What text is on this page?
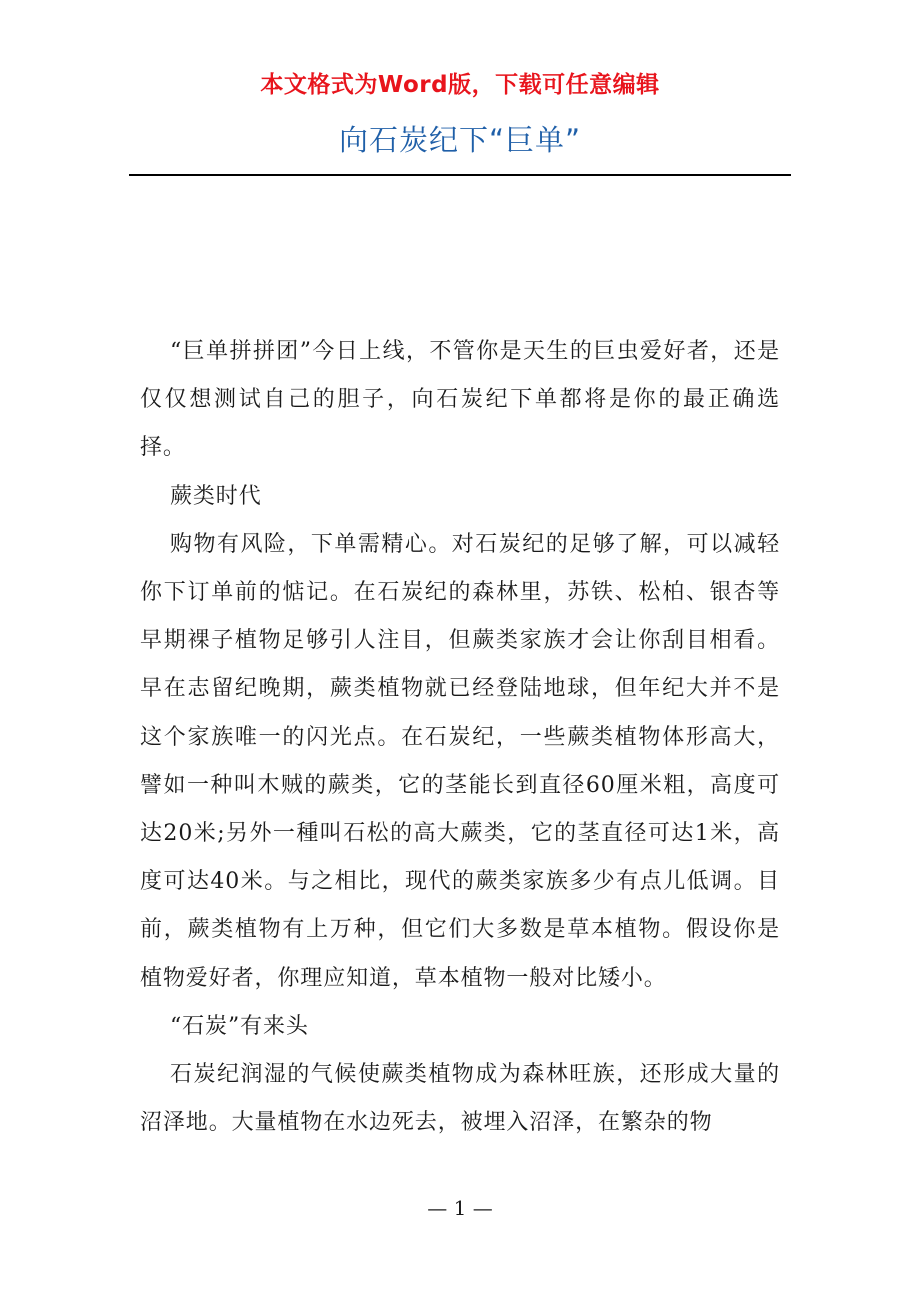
本文格式为Word版，下载可任意编辑
向石炭纪下“巨单”

“巨单拼拼团”今日上线，不管你是天生的巨虫爱好者，还是仅仅想测试自己的胆子，向石炭纪下单都将是你的最正确选择。

蕨类时代

购物有风险，下单需精心。对石炭纪的足够了解，可以减轻你下订单前的惦记。在石炭纪的森林里，苏铁、松柏、银杏等早期裸子植物足够引人注目，但蕨类家族才会让你刮目相看。早在志留纪晚期，蕨类植物就已经登陆地球，但年纪大并不是这个家族唯一的闪光点。在石炭纪，一些蕨类植物体形高大，譬如一种叫木贼的蕨类，它的茎能长到直径60厘米粗，高度可达20米;另外一種叫石松的高大蕨类，它的茎直径可达1米，高度可达40米。与之相比，现代的蕨类家族多少有点儿低调。目前，蕨类植物有上万种，但它们大多数是草本植物。假设你是植物爱好者，你理应知道，草本植物一般对比矮小。

“石炭”有来头

石炭纪润湿的气候使蕨类植物成为森林旺族，还形成大量的沼泽地。大量植物在水边死去，被埋入沼泽，在繁杂的物

— 1 —
